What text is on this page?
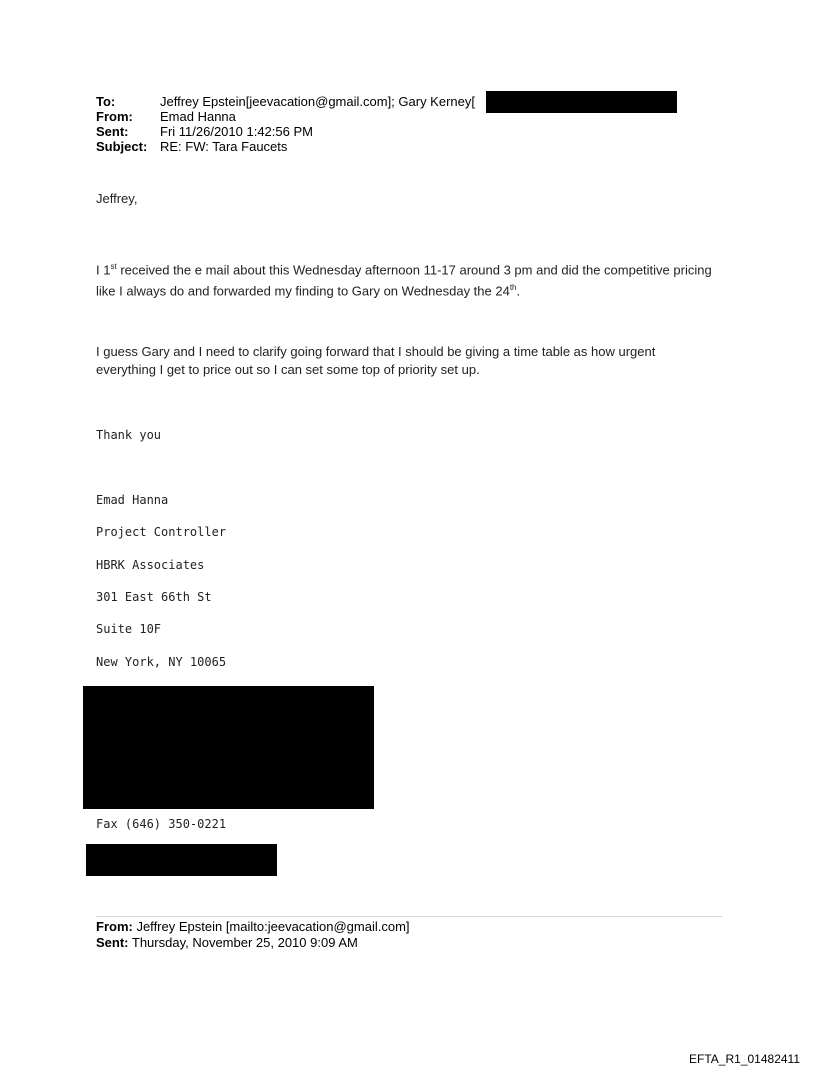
To:	Jeffrey Epstein[jeevacation@gmail.com]; Gary Kerney[
From:	Emad Hanna
Sent:	Fri 11/26/2010 1:42:56 PM
Subject: RE: FW: Tara Faucets
Jeffrey,
I 1st received the e mail about this Wednesday afternoon 11-17 around 3 pm and did the competitive pricing like I always do and forwarded my finding to Gary on Wednesday the 24th.
I guess Gary and I need to clarify going forward that I should be giving a time table as how urgent everything I get to price out so I can set some top of priority set up.
Thank you
Emad Hanna
Project Controller
HBRK Associates
301 East 66th St
Suite 10F
New York, NY 10065
Fax (646) 350-0221
From: Jeffrey Epstein [mailto:jeevacation@gmail.com]
Sent: Thursday, November 25, 2010 9:09 AM
EFTA_R1_01482411
